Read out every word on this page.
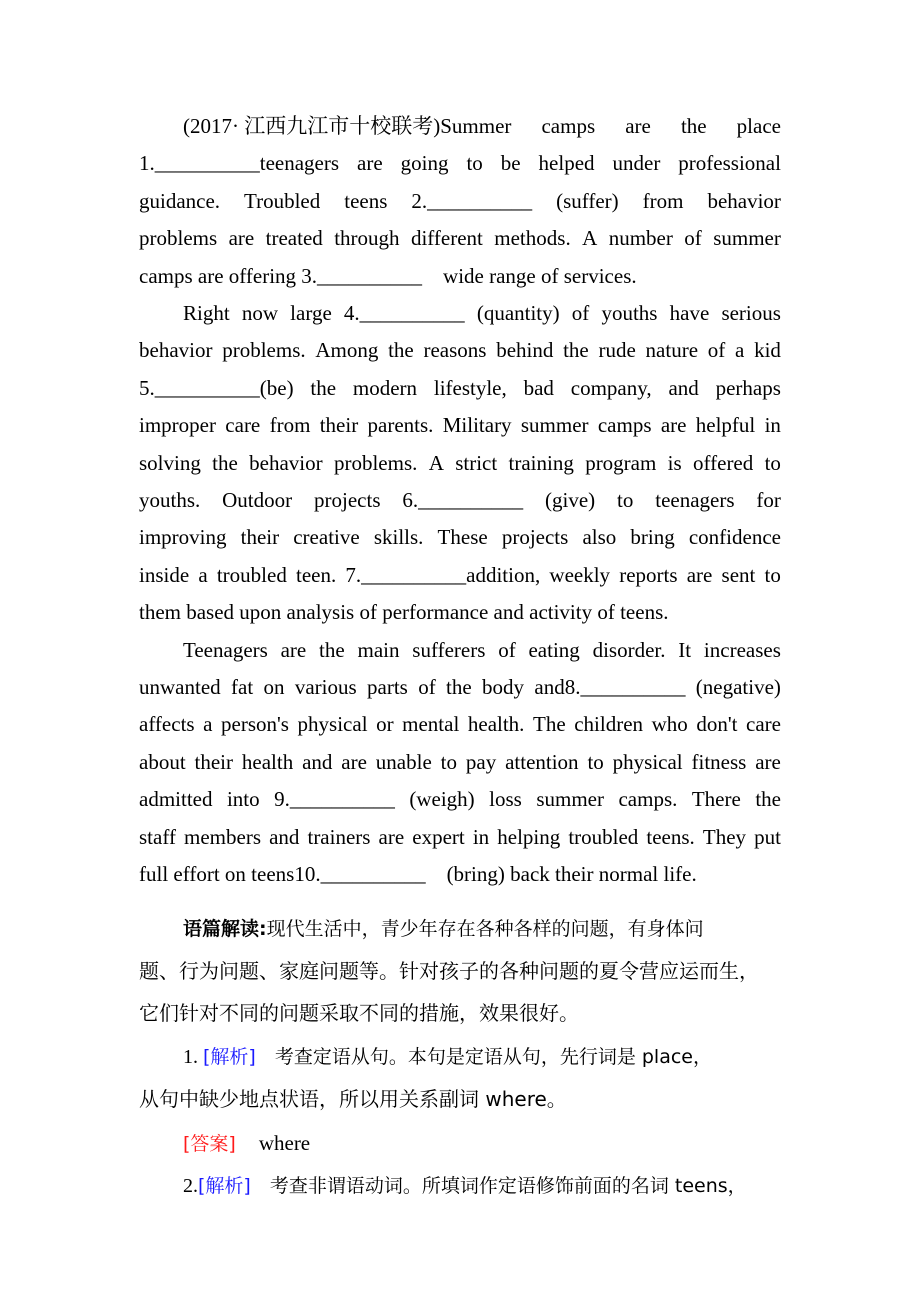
(2017· 江西九江市十校联考)Summer camps are the place
1.__________teenagers are going to be helped under professional
guidance. Troubled teens 2.__________ (suffer) from behavior
problems are treated through different methods. A number of summer
camps are offering 3.__________    wide range of services.
Right now large 4.__________ (quantity) of youths have serious
behavior problems. Among the reasons behind the rude nature of a kid
5.__________(be) the modern lifestyle, bad company, and perhaps
improper care from their parents. Military summer camps are helpful in
solving the behavior problems. A strict training program is offered to
youths. Outdoor projects 6.__________ (give) to teenagers for
improving their creative skills. These projects also bring confidence
inside a troubled teen. 7.__________addition, weekly reports are sent to
them based upon analysis of performance and activity of teens.
Teenagers are the main sufferers of eating disorder. It increases
unwanted fat on various parts of the body and8.__________ (negative)
affects a person's physical or mental health. The children who don't care
about their health and are unable to pay attention to physical fitness are
admitted into 9.__________ (weigh) loss summer camps. There the
staff members and trainers are expert in helping troubled teens. They put
full effort on teens10.__________    (bring) back their normal life.
语篇解读:现代生活中，青少年存在各种各样的问题，有身体问
题、行为问题、家庭问题等。针对孩子的各种问题的夏令营应运而生，
它们针对不同的问题采取不同的措施，效果很好。
1. [解析] 考查定语从句。本句是定语从句，先行词是 place，
从句中缺少地点状语，所以用关系副词 where。
[答案] where
2.[解析] 考查非谓语动词。所填词作定语修饰前面的名词 teens，
